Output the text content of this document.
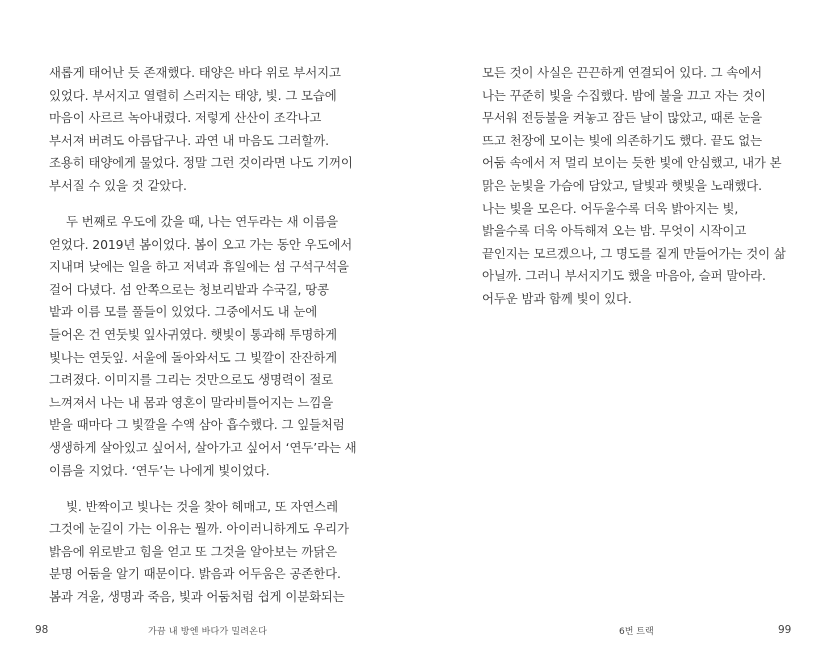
새롭게 태어난 듯 존재했다. 태양은 바다 위로 부서지고
있었다. 부서지고 열렬히 스러지는 태양, 빛. 그 모습에
마음이 사르르 녹아내렸다. 저렇게 산산이 조각나고
부서져 버려도 아름답구나. 과연 내 마음도 그러할까.
조용히 태양에게 물었다. 정말 그런 것이라면 나도 기꺼이
부서질 수 있을 것 같았다.
두 번째로 우도에 갔을 때, 나는 연두라는 새 이름을
얻었다. 2019년 봄이었다. 봄이 오고 가는 동안 우도에서
지내며 낮에는 일을 하고 저녁과 휴일에는 섬 구석구석을
걸어 다녔다. 섬 안쪽으로는 청보리밭과 수국길, 땅콩
밭과 이름 모를 풀들이 있었다. 그중에서도 내 눈에
들어온 건 연둣빛 잎사귀였다. 햇빛이 통과해 투명하게
빛나는 연둣잎. 서울에 돌아와서도 그 빛깔이 잔잔하게
그려졌다. 이미지를 그리는 것만으로도 생명력이 절로
느껴져서 나는 내 몸과 영혼이 말라비틀어지는 느낌을
받을 때마다 그 빛깔을 수액 삼아 흡수했다. 그 잎들처럼
생생하게 살아있고 싶어서, 살아가고 싶어서 ‘연두’라는 새
이름을 지었다. ‘연두’는 나에게 빛이었다.
빛. 반짝이고 빛나는 것을 찾아 헤매고, 또 자연스레
그것에 눈길이 가는 이유는 뭘까. 아이러니하게도 우리가
밝음에 위로받고 힘을 얻고 또 그것을 알아보는 까닭은
분명 어둠을 알기 때문이다. 밝음과 어두움은 공존한다.
봄과 겨울, 생명과 죽음, 빛과 어둠처럼 쉽게 이분화되는
98	가끔 내 방엔 바다가 밀려온다
모든 것이 사실은 끈끈하게 연결되어 있다. 그 속에서
나는 꾸준히 빛을 수집했다. 밤에 불을 끄고 자는 것이
무서워 전등불을 켜놓고 잠든 날이 많았고, 때론 눈을
뜨고 천장에 모이는 빛에 의존하기도 했다. 끝도 없는
어둠 속에서 저 멀리 보이는 듯한 빛에 안심했고, 내가 본
맑은 눈빛을 가슴에 담았고, 달빛과 햇빛을 노래했다.
나는 빛을 모은다. 어두울수록 더욱 밝아지는 빛,
밝을수록 더욱 아득해져 오는 밤. 무엇이 시작이고
끝인지는 모르겠으나, 그 명도를 짙게 만들어가는 것이 삶
아닐까. 그러니 부서지기도 했을 마음아, 슬퍼 말아라.
어두운 밤과 함께 빛이 있다.
6번 트랙	99
